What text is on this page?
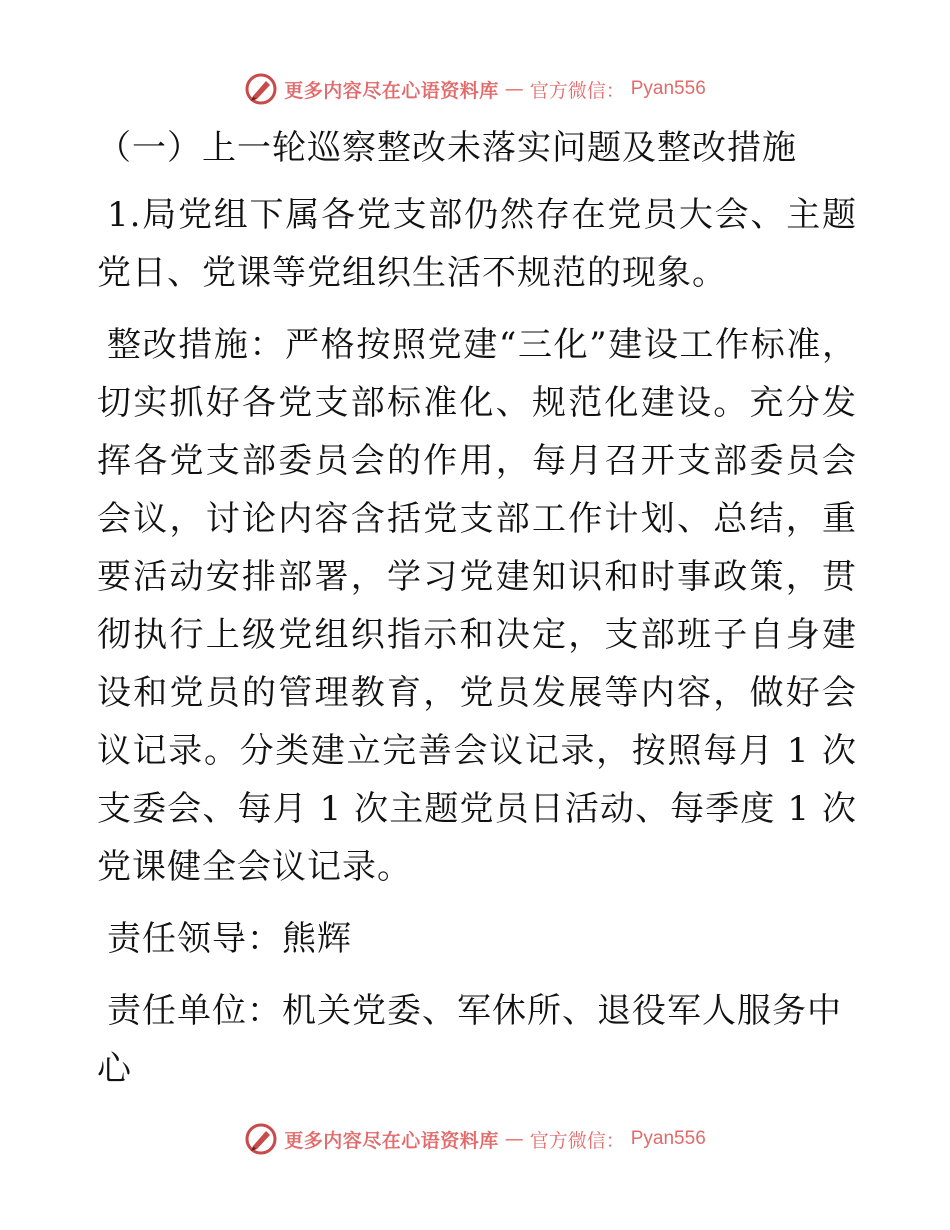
更多内容尽在心语资料库 — 官方微信： Pyan556
（一）上一轮巡察整改未落实问题及整改措施

1.局党组下属各党支部仍然存在党员大会、主题党日、党课等党组织生活不规范的现象。

整改措施：严格按照党建“三化”建设工作标准，切实抓好各党支部标准化、规范化建设。充分发挥各党支部委员会的作用，每月召开支部委员会会议，讨论内容含括党支部工作计划、总结，重要活动安排部署，学习党建知识和时事政策，贯彻执行上级党组织指示和决定，支部班子自身建设和党员的管理教育，党员发展等内容，做好会议记录。分类建立完善会议记录，按照每月 1 次支委会、每月 1 次主题党员日活动、每季度 1 次党课健全会议记录。

责任领导：熊辉

责任单位：机关党委、军休所、退役军人服务中心

更多内容尽在心语资料库 — 官方微信： Pyan556
